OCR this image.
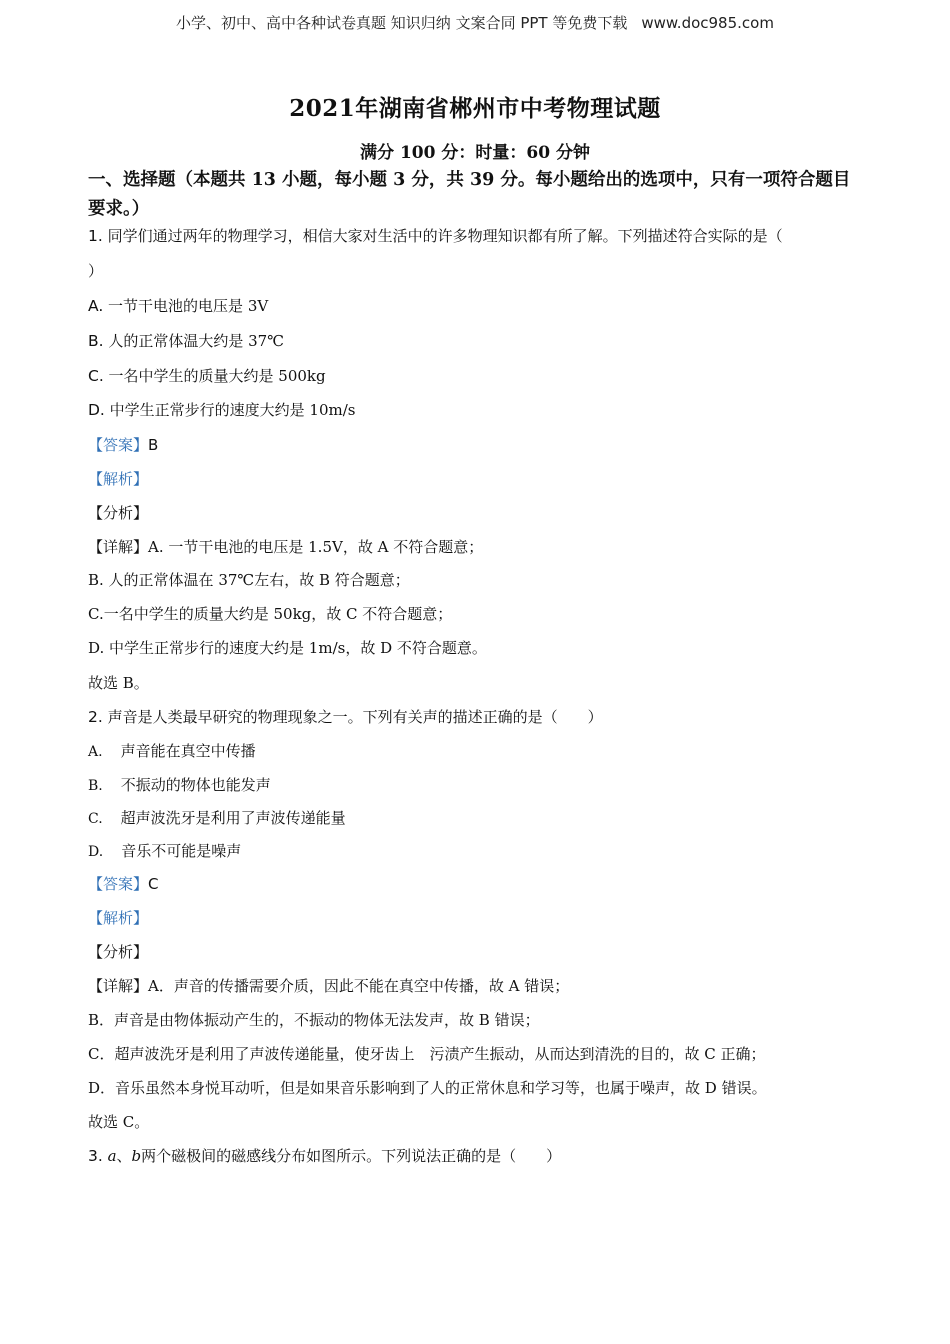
小学、初中、高中各种试卷真题 知识归纳 文案合同 PPT 等免费下载 www.doc985.com
2021年湖南省郴州市中考物理试题
满分 100 分：时量：60 分钟
一、选择题（本题共 13 小题，每小题 3 分，共 39 分。每小题给出的选项中，只有一项符合题目要求。）
1. 同学们通过两年的物理学习，相信大家对生活中的许多物理知识都有所了解。下列描述符合实际的是（
）
A. 一节干电池的电压是 3V
B. 人的正常体温大约是 37℃
C. 一名中学生的质量大约是 500kg
D. 中学生正常步行的速度大约是 10m/s
【答案】B
【解析】
【分析】
【详解】A. 一节干电池的电压是 1.5V，故 A 不符合题意；
B. 人的正常体温在 37℃左右，故 B 符合题意；
C.一名中学生的质量大约是 50kg，故 C 不符合题意；
D. 中学生正常步行的速度大约是 1m/s，故 D 不符合题意。
故选 B。
2. 声音是人类最早研究的物理现象之一。下列有关声的描述正确的是（　　）
A. 声音能在真空中传播
B. 不振动的物体也能发声
C. 超声波洗牙是利用了声波传递能量
D. 音乐不可能是噪声
【答案】C
【解析】
【分析】
【详解】A．声音的传播需要介质，因此不能在真空中传播，故 A 错误；
B．声音是由物体振动产生的，不振动的物体无法发声，故 B 错误；
C．超声波洗牙是利用了声波传递能量，使牙齿上　污渍产生振动，从而达到清洗的目的，故 C 正确；
D．音乐虽然本身悦耳动听，但是如果音乐影响到了人的正常休息和学习等，也属于噪声，故 D 错误。
故选 C。
3. a、b两个磁极间的磁感线分布如图所示。下列说法正确的是（　　）
